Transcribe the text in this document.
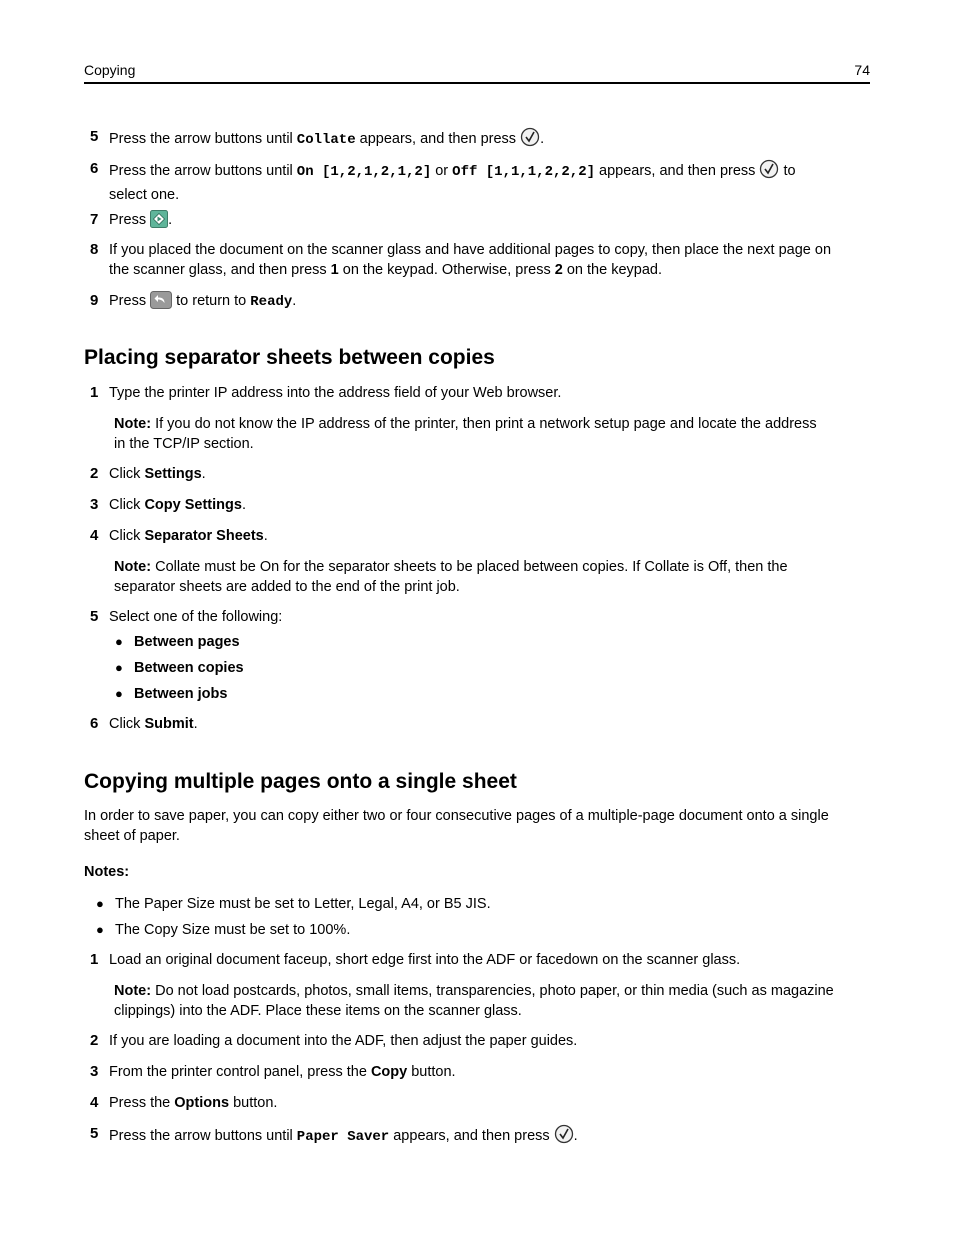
Copying	74
5 Press the arrow buttons until Collate appears, and then press .
6 Press the arrow buttons until On [1,2,1,2,1,2] or Off [1,1,1,2,2,2] appears, and then press  to
select one.
7 Press .
8 If you placed the document on the scanner glass and have additional pages to copy, then place the next page on
the scanner glass, and then press 1 on the keypad. Otherwise, press 2 on the keypad.
9 Press  to return to Ready.
Placing separator sheets between copies
1 Type the printer IP address into the address field of your Web browser.
Note: If you do not know the IP address of the printer, then print a network setup page and locate the address
in the TCP/IP section.
2 Click Settings.
3 Click Copy Settings.
4 Click Separator Sheets.
Note: Collate must be On for the separator sheets to be placed between copies. If Collate is Off, then the
separator sheets are added to the end of the print job.
5 Select one of the following:
● Between pages
● Between copies
● Between jobs
6 Click Submit.
Copying multiple pages onto a single sheet
In order to save paper, you can copy either two or four consecutive pages of a multiple-page document onto a single
sheet of paper.
Notes:
● The Paper Size must be set to Letter, Legal, A4, or B5 JIS.
● The Copy Size must be set to 100%.
1 Load an original document faceup, short edge first into the ADF or facedown on the scanner glass.
Note: Do not load postcards, photos, small items, transparencies, photo paper, or thin media (such as magazine
clippings) into the ADF. Place these items on the scanner glass.
2 If you are loading a document into the ADF, then adjust the paper guides.
3 From the printer control panel, press the Copy button.
4 Press the Options button.
5 Press the arrow buttons until Paper Saver appears, and then press .
